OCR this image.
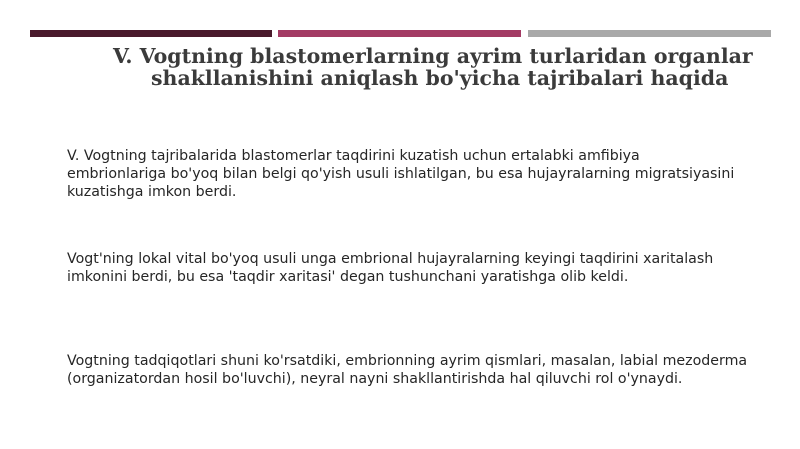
V. Vogtning blastomerlarning ayrim turlaridan organlar
shakllanishini aniqlash bo'yicha tajribalari haqida

V. Vogtning tajribalarida blastomerlar taqdirini kuzatish uchun ertalabki amfibiya
embrionlariga bo'yoq bilan belgi qo'yish usuli ishlatilgan, bu esa hujayralarning migratsiyasini
kuzatishga imkon berdi.

Vogt'ning lokal vital bo'yoq usuli unga embrional hujayralarning keyingi taqdirini xaritalash
imkonini berdi, bu esa 'taqdir xaritasi' degan tushunchani yaratishga olib keldi.

Vogtning tadqiqotlari shuni ko'rsatdiki, embrionning ayrim qismlari, masalan, labial mezoderma
(organizatordan hosil bo'luvchi), neyral nayni shakllantirishda hal qiluvchi rol o'ynaydi.
